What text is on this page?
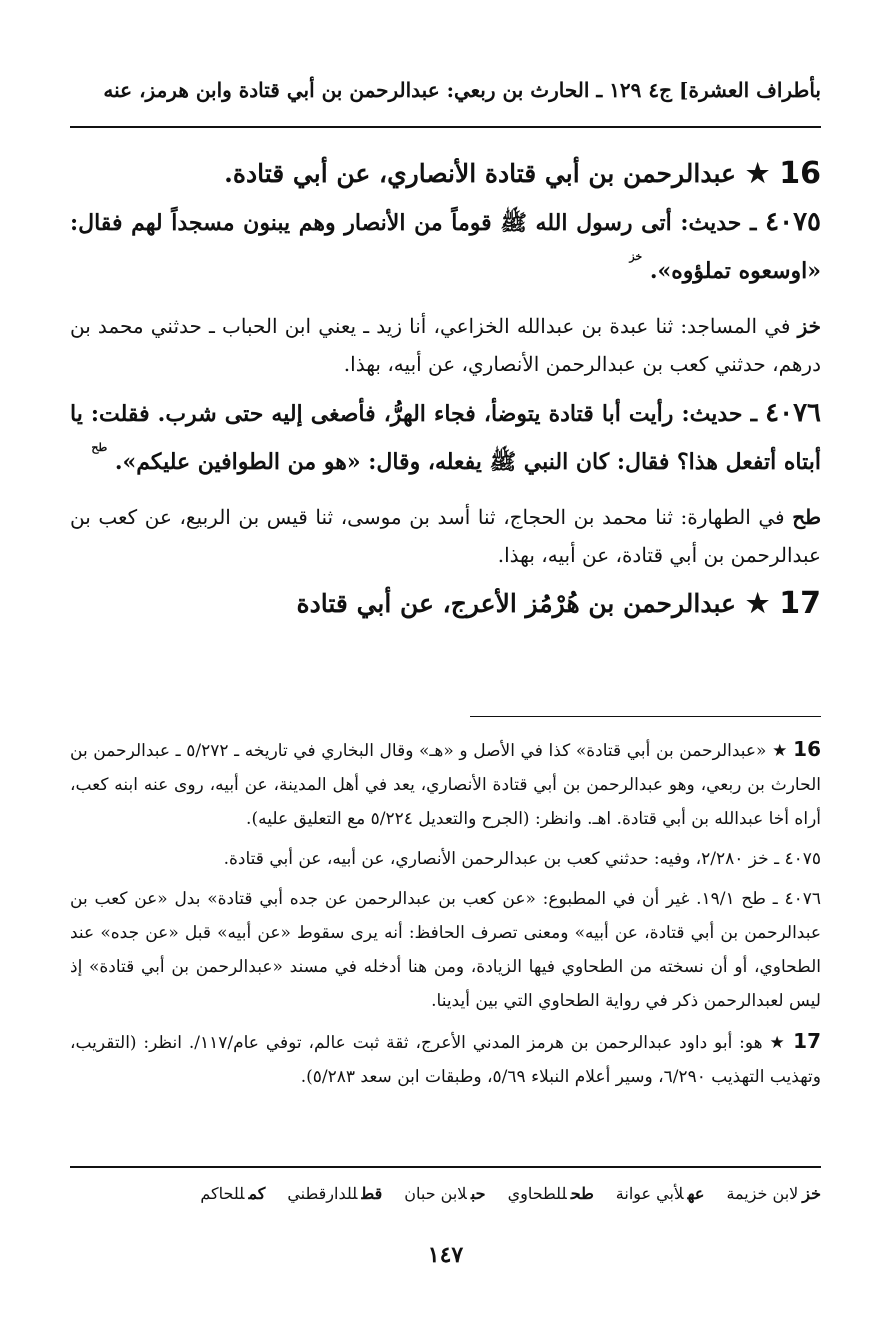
بأطراف العشرة] ج٤ ١٢٩ ـ الحارث بن ربعي: عبدالرحمن بن أبي قتادة وابن هرمز، عنه
16
★
عبدالرحمن بن أبي قتادة الأنصاري، عن أبي قتادة.

٤٠٧٥ ـ حديث: أتى رسول الله ﷺ قوماً من الأنصار وهم يبنون مسجداً لهم فقال: «اوسعوه تملؤوه». $^{خز}$

خز في المساجد: ثنا عبدة بن عبدالله الخزاعي، أنا زيد ـ يعني ابن الحباب ـ حدثني محمد بن درهم، حدثني كعب بن عبدالرحمن الأنصاري، عن أبيه، بهذا.

٤٠٧٦ ـ حديث: رأيت أبا قتادة يتوضأ، فجاء الهرُّ، فأصغى إليه حتى شرب. فقلت: يا أبتاه أتفعل هذا؟ فقال: كان النبي ﷺ يفعله، وقال: «هو من الطوافين عليكم». $^{طح}$

طح في الطهارة: ثنا محمد بن الحجاج، ثنا أسد بن موسى، ثنا قيس بن الربيع، عن كعب بن عبدالرحمن بن أبي قتادة، عن أبيه، بهذا.

17
★
عبدالرحمن بن هُرْمُز الأعرج، عن أبي قتادة

16 ★ «عبدالرحمن بن أبي قتادة» كذا في الأصل و «هـ» وقال البخاري في تاريخه ـ ٥/٢٧٢ ـ عبدالرحمن بن الحارث بن ربعي، وهو عبدالرحمن بن أبي قتادة الأنصاري، يعد في أهل المدينة، عن أبيه، روى عنه ابنه كعب، أراه أخا عبدالله بن أبي قتادة. اهـ. وانظر: (الجرح والتعديل ٥/٢٢٤ مع التعليق عليه).

٤٠٧٥ ـ خز ٢/٢٨٠، وفيه: حدثني كعب بن عبدالرحمن الأنصاري، عن أبيه، عن أبي قتادة.

٤٠٧٦ ـ طح ١٩/١. غير أن في المطبوع: «عن كعب بن عبدالرحمن عن جده أبي قتادة» بدل «عن كعب بن عبدالرحمن بن أبي قتادة، عن أبيه» ومعنى تصرف الحافظ: أنه يرى سقوط «عن أبيه» قبل «عن جده» عند الطحاوي، أو أن نسخته من الطحاوي فيها الزيادة، ومن هنا أدخله في مسند «عبدالرحمن بن أبي قتادة» إذ ليس لعبدالرحمن ذكر في رواية الطحاوي التي بين أيدينا.

17 ★ هو: أبو داود عبدالرحمن بن هرمز المدني الأعرج، ثقة ثبت عالم، توفي عام/١١٧/. انظر: (التقريب، وتهذيب التهذيب ٦/٢٩٠، وسير أعلام النبلاء ٥/٦٩، وطبقات ابن سعد ٥/٢٨٣).

خزلابن خزيمة
عهلأبي عوانة
طحللطحاوي
حبلابن حبان
قطللدارقطني
كمللحاكم
١٤٧
